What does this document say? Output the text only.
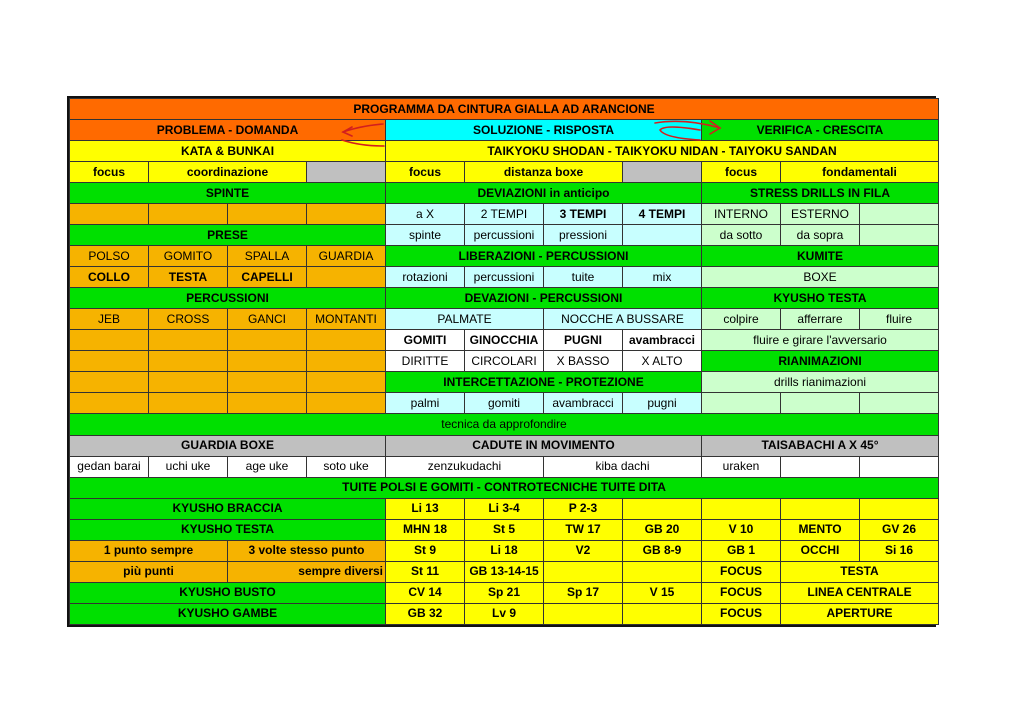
PROGRAMMA DA CINTURA GIALLA AD ARANCIONE										
PROBLEMA - DOMANDA				SOLUZIONE - RISPOSTA				VERIFICA - CRESCITA		
KATA & BUNKAI				TAIKYOKU SHODAN - TAIKYOKU NIDAN - TAIYOKU SANDAN						
focus	coordinazione			focus	distanza boxe			focus	fondamentali	
SPINTE				DEVIAZIONI in anticipo				STRESS DRILLS IN FILA		
				a X	2 TEMPI	3 TEMPI	4 TEMPI	INTERNO	ESTERNO	
PRESE				spinte	percussioni	pressioni		da sotto	da sopra	
POLSO	GOMITO	SPALLA	GUARDIA	LIBERAZIONI - PERCUSSIONI				KUMITE		
COLLO	TESTA	CAPELLI		rotazioni	percussioni	tuite	mix	BOXE		
PERCUSSIONI				DEVAZIONI - PERCUSSIONI				KYUSHO TESTA		
JEB	CROSS	GANCI	MONTANTI	PALMATE		NOCCHE A BUSSARE		colpire	afferrare	fluire
				GOMITI	GINOCCHIA	PUGNI	avambracci	fluire e girare l'avversario		
				DIRITTE	CIRCOLARI	X BASSO	X ALTO	RIANIMAZIONI		
				INTERCETTAZIONE - PROTEZIONE				drills rianimazioni		
				palmi	gomiti	avambracci	pugni			
tecnica da approfondire										
GUARDIA BOXE				CADUTE IN MOVIMENTO				TAISABACHI A X 45°		
gedan barai	uchi uke	age uke	soto uke	zenzukudachi		kiba dachi		uraken		
TUITE POLSI E GOMITI - CONTROTECNICHE TUITE DITA										
KYUSHO BRACCIA				Li 13	Li 3-4	P 2-3				
KYUSHO TESTA				MHN 18	St 5	TW 17	GB 20	V 10	MENTO	GV 26
1 punto sempre		3 volte stesso punto		St 9	Li 18	V2	GB 8-9	GB 1	OCCHI	Si 16
più punti		sempre diversi		St 11	GB 13-14-15			FOCUS	TESTA	
KYUSHO BUSTO				CV 14	Sp 21	Sp 17	V 15	FOCUS	LINEA CENTRALE	
KYUSHO GAMBE				GB 32	Lv 9			FOCUS	APERTURE	
